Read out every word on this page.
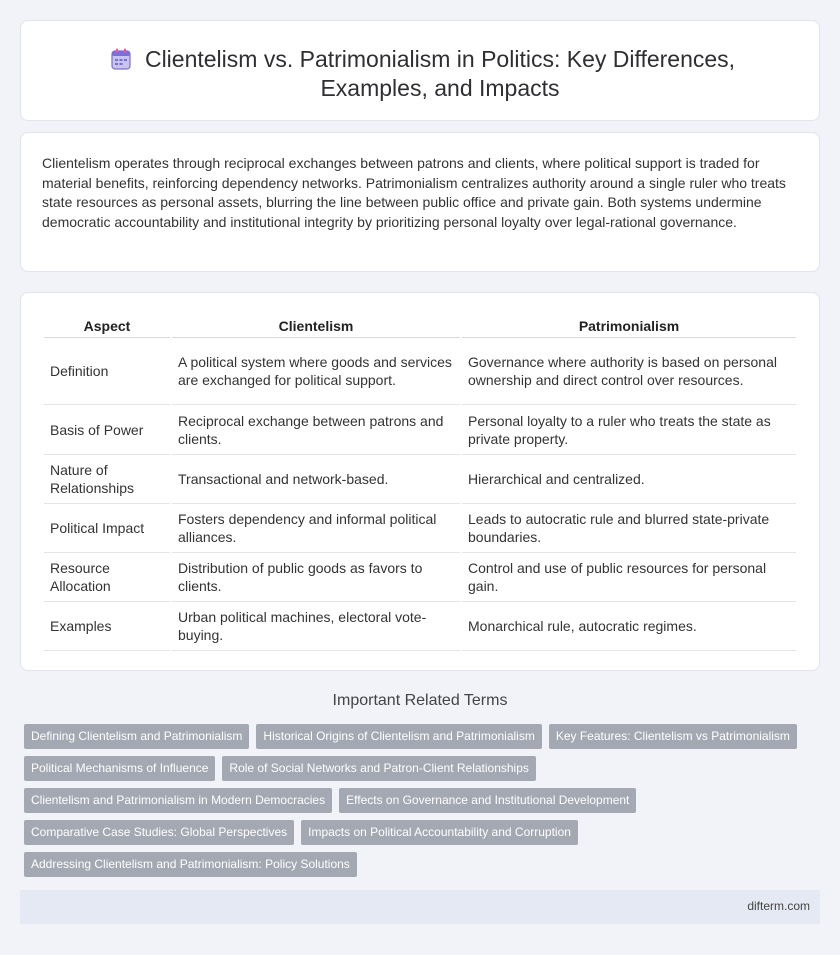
Clientelism vs. Patrimonialism in Politics: Key Differences, Examples, and Impacts

Clientelism operates through reciprocal exchanges between patrons and clients, where political support is traded for material benefits, reinforcing dependency networks. Patrimonialism centralizes authority around a single ruler who treats state resources as personal assets, blurring the line between public office and private gain. Both systems undermine democratic accountability and institutional integrity by prioritizing personal loyalty over legal-rational governance.

Aspect	Clientelism	Patrimonialism
Definition	A political system where goods and services are exchanged for political support.	Governance where authority is based on personal ownership and direct control over resources.
Basis of Power	Reciprocal exchange between patrons and clients.	Personal loyalty to a ruler who treats the state as private property.
Nature of Relationships	Transactional and network-based.	Hierarchical and centralized.
Political Impact	Fosters dependency and informal political alliances.	Leads to autocratic rule and blurred state-private boundaries.
Resource Allocation	Distribution of public goods as favors to clients.	Control and use of public resources for personal gain.
Examples	Urban political machines, electoral vote-buying.	Monarchical rule, autocratic regimes.
Important Related Terms
Defining Clientelism and Patrimonialism Historical Origins of Clientelism and Patrimonialism Key Features: Clientelism vs Patrimonialism
Political Mechanisms of Influence Role of Social Networks and Patron-Client Relationships
Clientelism and Patrimonialism in Modern Democracies Effects on Governance and Institutional Development
Comparative Case Studies: Global Perspectives Impacts on Political Accountability and Corruption
Addressing Clientelism and Patrimonialism: Policy Solutions
difterm.com
